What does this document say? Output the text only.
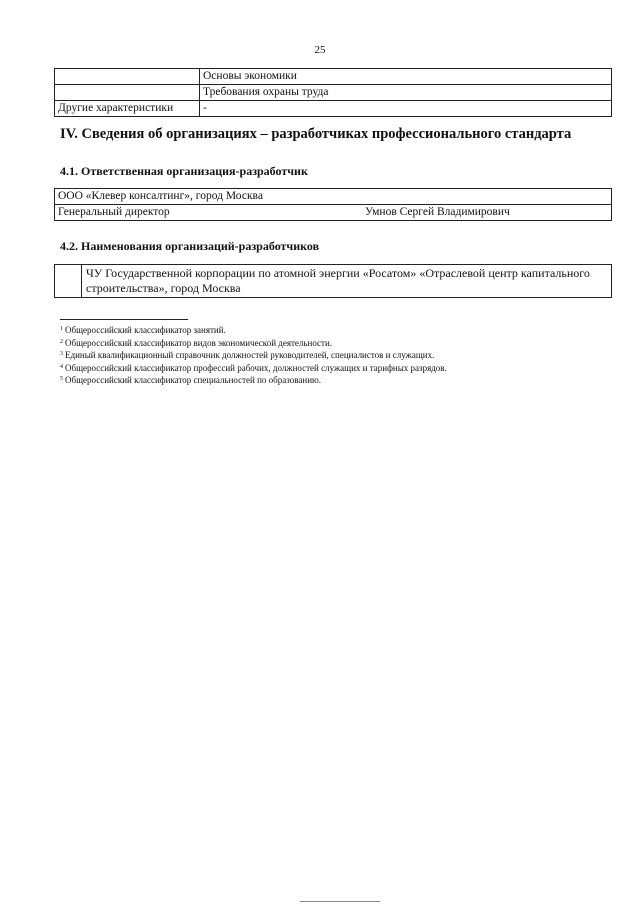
25
	Основы экономики
	Требования охраны труда
Другие характеристики	-
IV. Сведения об организациях – разработчиках профессионального стандарта
4.1. Ответственная организация-разработчик
ООО «Клевер консалтинг», город Москва
Генеральный директор	Умнов Сергей Владимирович
4.2. Наименования организаций-разработчиков
	ЧУ Государственной корпорации по атомной энергии «Росатом» «Отраслевой центр капитального строительства», город Москва
$^1$ Общероссийский классификатор занятий.
$^2$ Общероссийский классификатор видов экономической деятельности.
$^3$ Единый квалификационный справочник должностей руководителей, специалистов и служащих.
$^4$ Общероссийский классификатор профессий рабочих, должностей служащих и тарифных разрядов.
$^5$ Общероссийский классификатор специальностей по образованию.
